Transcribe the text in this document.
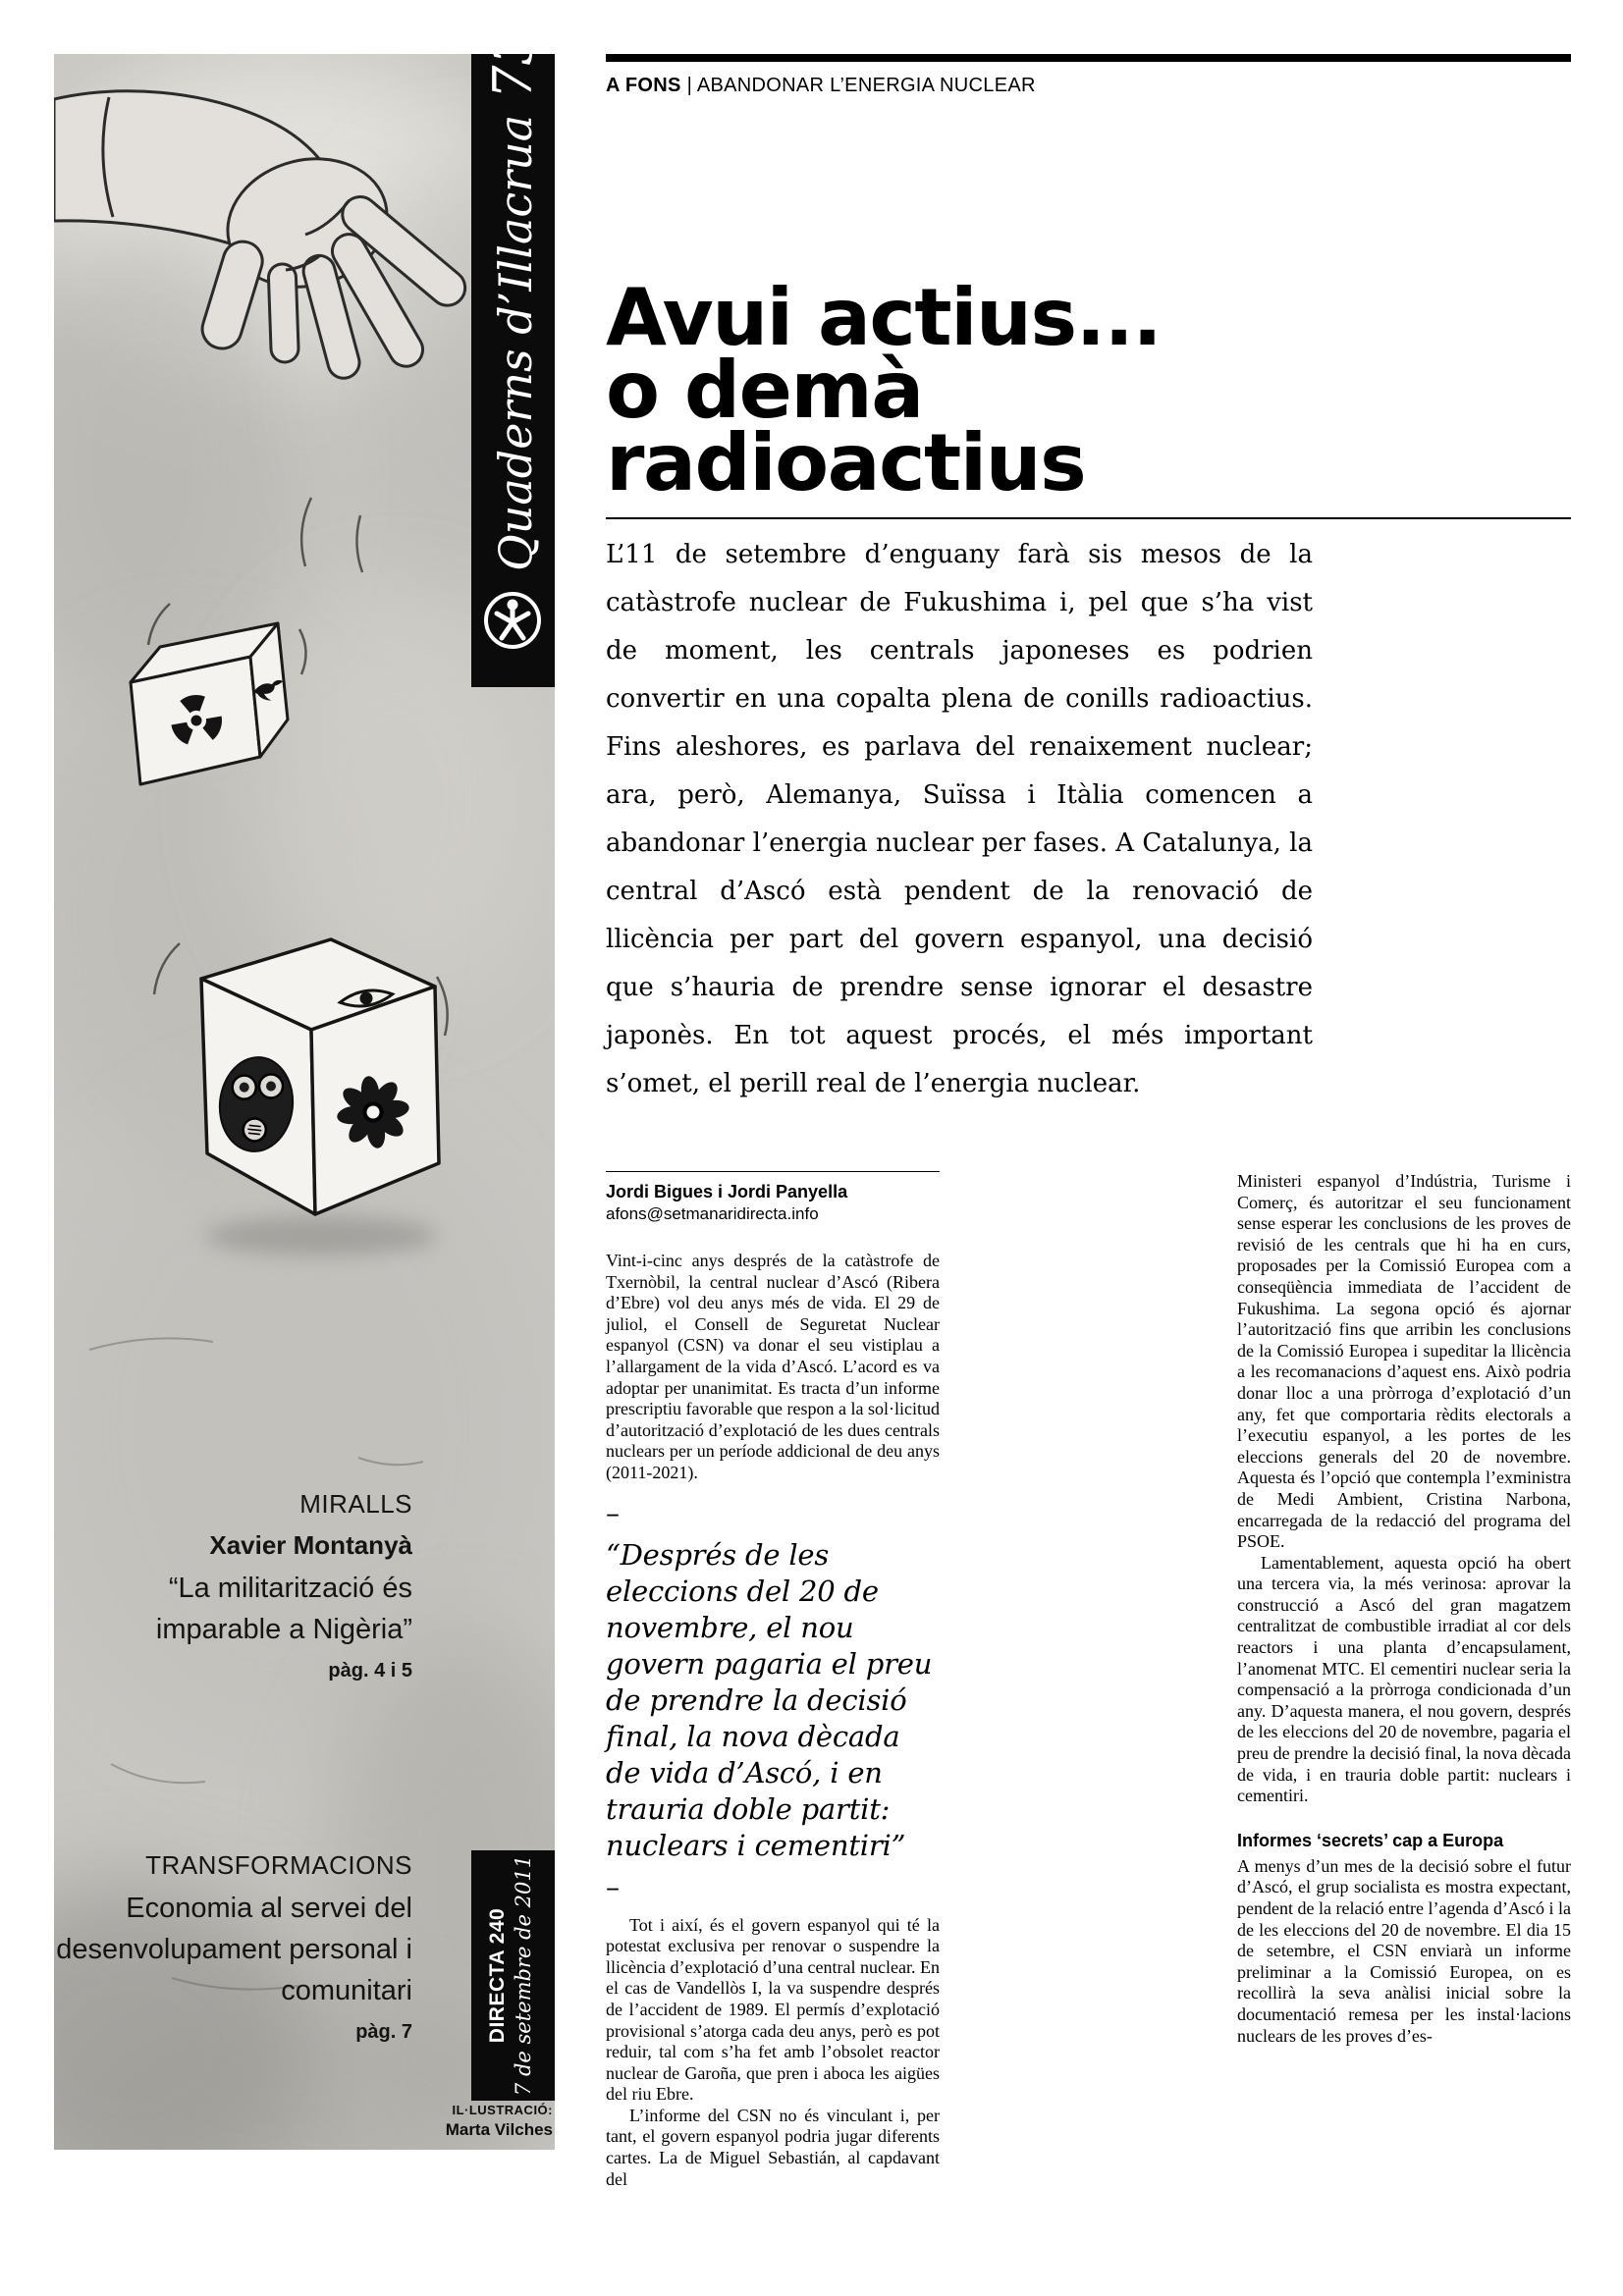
MIRALLS
Xavier Montanyà
“La militarització és imparable a Nigèria”
pàg. 4 i 5
TRANSFORMACIONS
Economia al servei del desenvolupament personal i comunitari
pàg. 7
Quaderns d’Illacrua73
DIRECTA 240 7 de setembre de 2011
IL·LUSTRACIÓ:
Marta Vilches
A FONS | ABANDONAR L’ENERGIA NUCLEAR
Avui actius...
o demà
radioactius

L’11 de setembre d’enguany farà sis mesos de la catàstrofe nuclear de Fukushima i, pel que s’ha vist de moment, les centrals japoneses es podrien convertir en una copalta plena de conills radioactius. Fins aleshores, es parlava del renaixement nuclear; ara, però, Alemanya, Suïssa i Itàlia comencen a abandonar l’energia nuclear per fases. A Catalunya, la central d’Ascó està pendent de la renovació de llicència per part del govern espanyol, una decisió que s’hauria de prendre sense ignorar el desastre japonès. En tot aquest procés, el més important s’omet, el perill real de l’energia nuclear.

Jordi Bigues i Jordi Panyella
afons@setmanaridirecta.info

Vint-i-cinc anys després de la catàstrofe de Txernòbil, la central nuclear d’Ascó (Ribera d’Ebre) vol deu anys més de vida. El 29 de juliol, el Consell de Seguretat Nuclear espanyol (CSN) va donar el seu vistiplau a l’allargament de la vida d’Ascó. L’acord es va adoptar per unanimitat. Es tracta d’un informe prescriptiu favorable que respon a la sol·licitud d’autorització d’explotació de les dues centrals nuclears per un període addicional de deu anys (2011-2021).

–
“Després de les eleccions del 20 de novembre, el nou govern pagaria el preu de prendre la decisió final, la nova dècada de vida d’Ascó, i en trauria doble partit: nuclears i cementiri”
–

Tot i així, és el govern espanyol qui té la potestat exclusiva per renovar o suspendre la llicència d’explotació d’una central nuclear. En el cas de Vandellòs I, la va suspendre després de l’accident de 1989. El permís d’explotació provisional s’atorga cada deu anys, però es pot reduir, tal com s’ha fet amb l’obsolet reactor nuclear de Garoña, que pren i aboca les aigües del riu Ebre.

L’informe del CSN no és vinculant i, per tant, el govern espanyol podria jugar diferents cartes. La de Miguel Sebastián, al capdavant del

Ministeri espanyol d’Indústria, Turisme i Comerç, és autoritzar el seu funcionament sense esperar les conclusions de les proves de revisió de les centrals que hi ha en curs, proposades per la Comissió Europea com a conseqüència immediata de l’accident de Fukushima. La segona opció és ajornar l’autorització fins que arribin les conclusions de la Comissió Europea i supeditar la llicència a les recomanacions d’aquest ens. Això podria donar lloc a una pròrroga d’explotació d’un any, fet que comportaria rèdits electorals a l’executiu espanyol, a les portes de les eleccions generals del 20 de novembre. Aquesta és l’opció que contempla l’exministra de Medi Ambient, Cristina Narbona, encarregada de la redacció del programa del PSOE.

Lamentablement, aquesta opció ha obert una tercera via, la més verinosa: aprovar la construcció a Ascó del gran magatzem centralitzat de combustible irradiat al cor dels reactors i una planta d’encapsulament, l’anomenat MTC. El cementiri nuclear seria la compensació a la pròrroga condicionada d’un any. D’aquesta manera, el nou govern, després de les eleccions del 20 de novembre, pagaria el preu de prendre la decisió final, la nova dècada de vida, i en trauria doble partit: nuclears i cementiri.

Informes ‘secrets’ cap a Europa

A menys d’un mes de la decisió sobre el futur d’Ascó, el grup socialista es mostra expectant, pendent de la relació entre l’agenda d’Ascó i la de les eleccions del 20 de novembre. El dia 15 de setembre, el CSN enviarà un informe preliminar a la Comissió Europea, on es recollirà la seva anàlisi inicial sobre la documentació remesa per les instal·lacions nuclears de les proves d’es-
